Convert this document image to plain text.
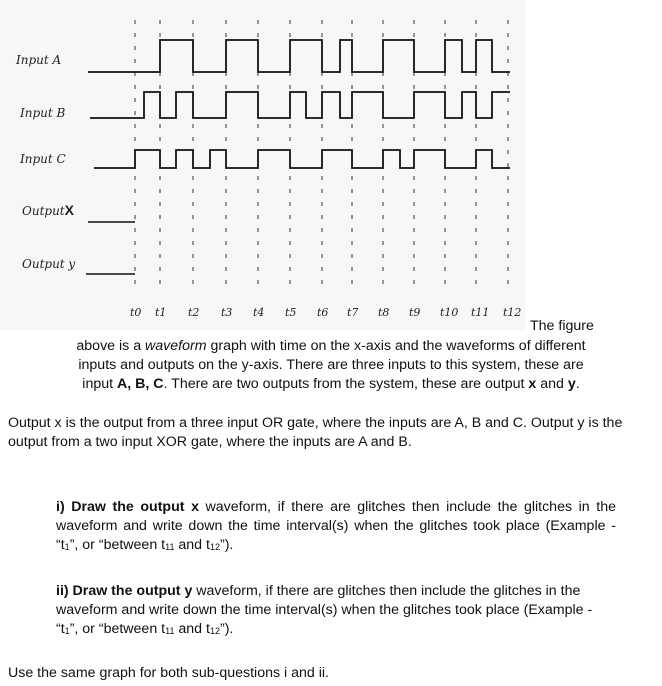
Input A
Input B
Input C
OutputX
Output y
t0 t1 t2 t3 t4 t5 t6 t7 t8 t9 t10 t11 t12
The figure
above is a waveform graph with time on the x-axis and the waveforms of different
inputs and outputs on the y-axis. There are three inputs to this system, these are
input A, B, C. There are two outputs from the system, these are output x and y.
Output x is the output from a three input OR gate, where the inputs are A, B and C. Output y is the output from a two input XOR gate, where the inputs are A and B.
i) Draw the output x waveform, if there are glitches then include the glitches in the waveform and write down the time interval(s) when the glitches took place (Example - “$t_1$”, or “between $t_{11}$ and $t_{12}$”).
ii) Draw the output y waveform, if there are glitches then include the glitches in the waveform and write down the time interval(s) when the glitches took place (Example - “$t_1$”, or “between $t_{11}$ and $t_{12}$”).
Use the same graph for both sub-questions i and ii.
